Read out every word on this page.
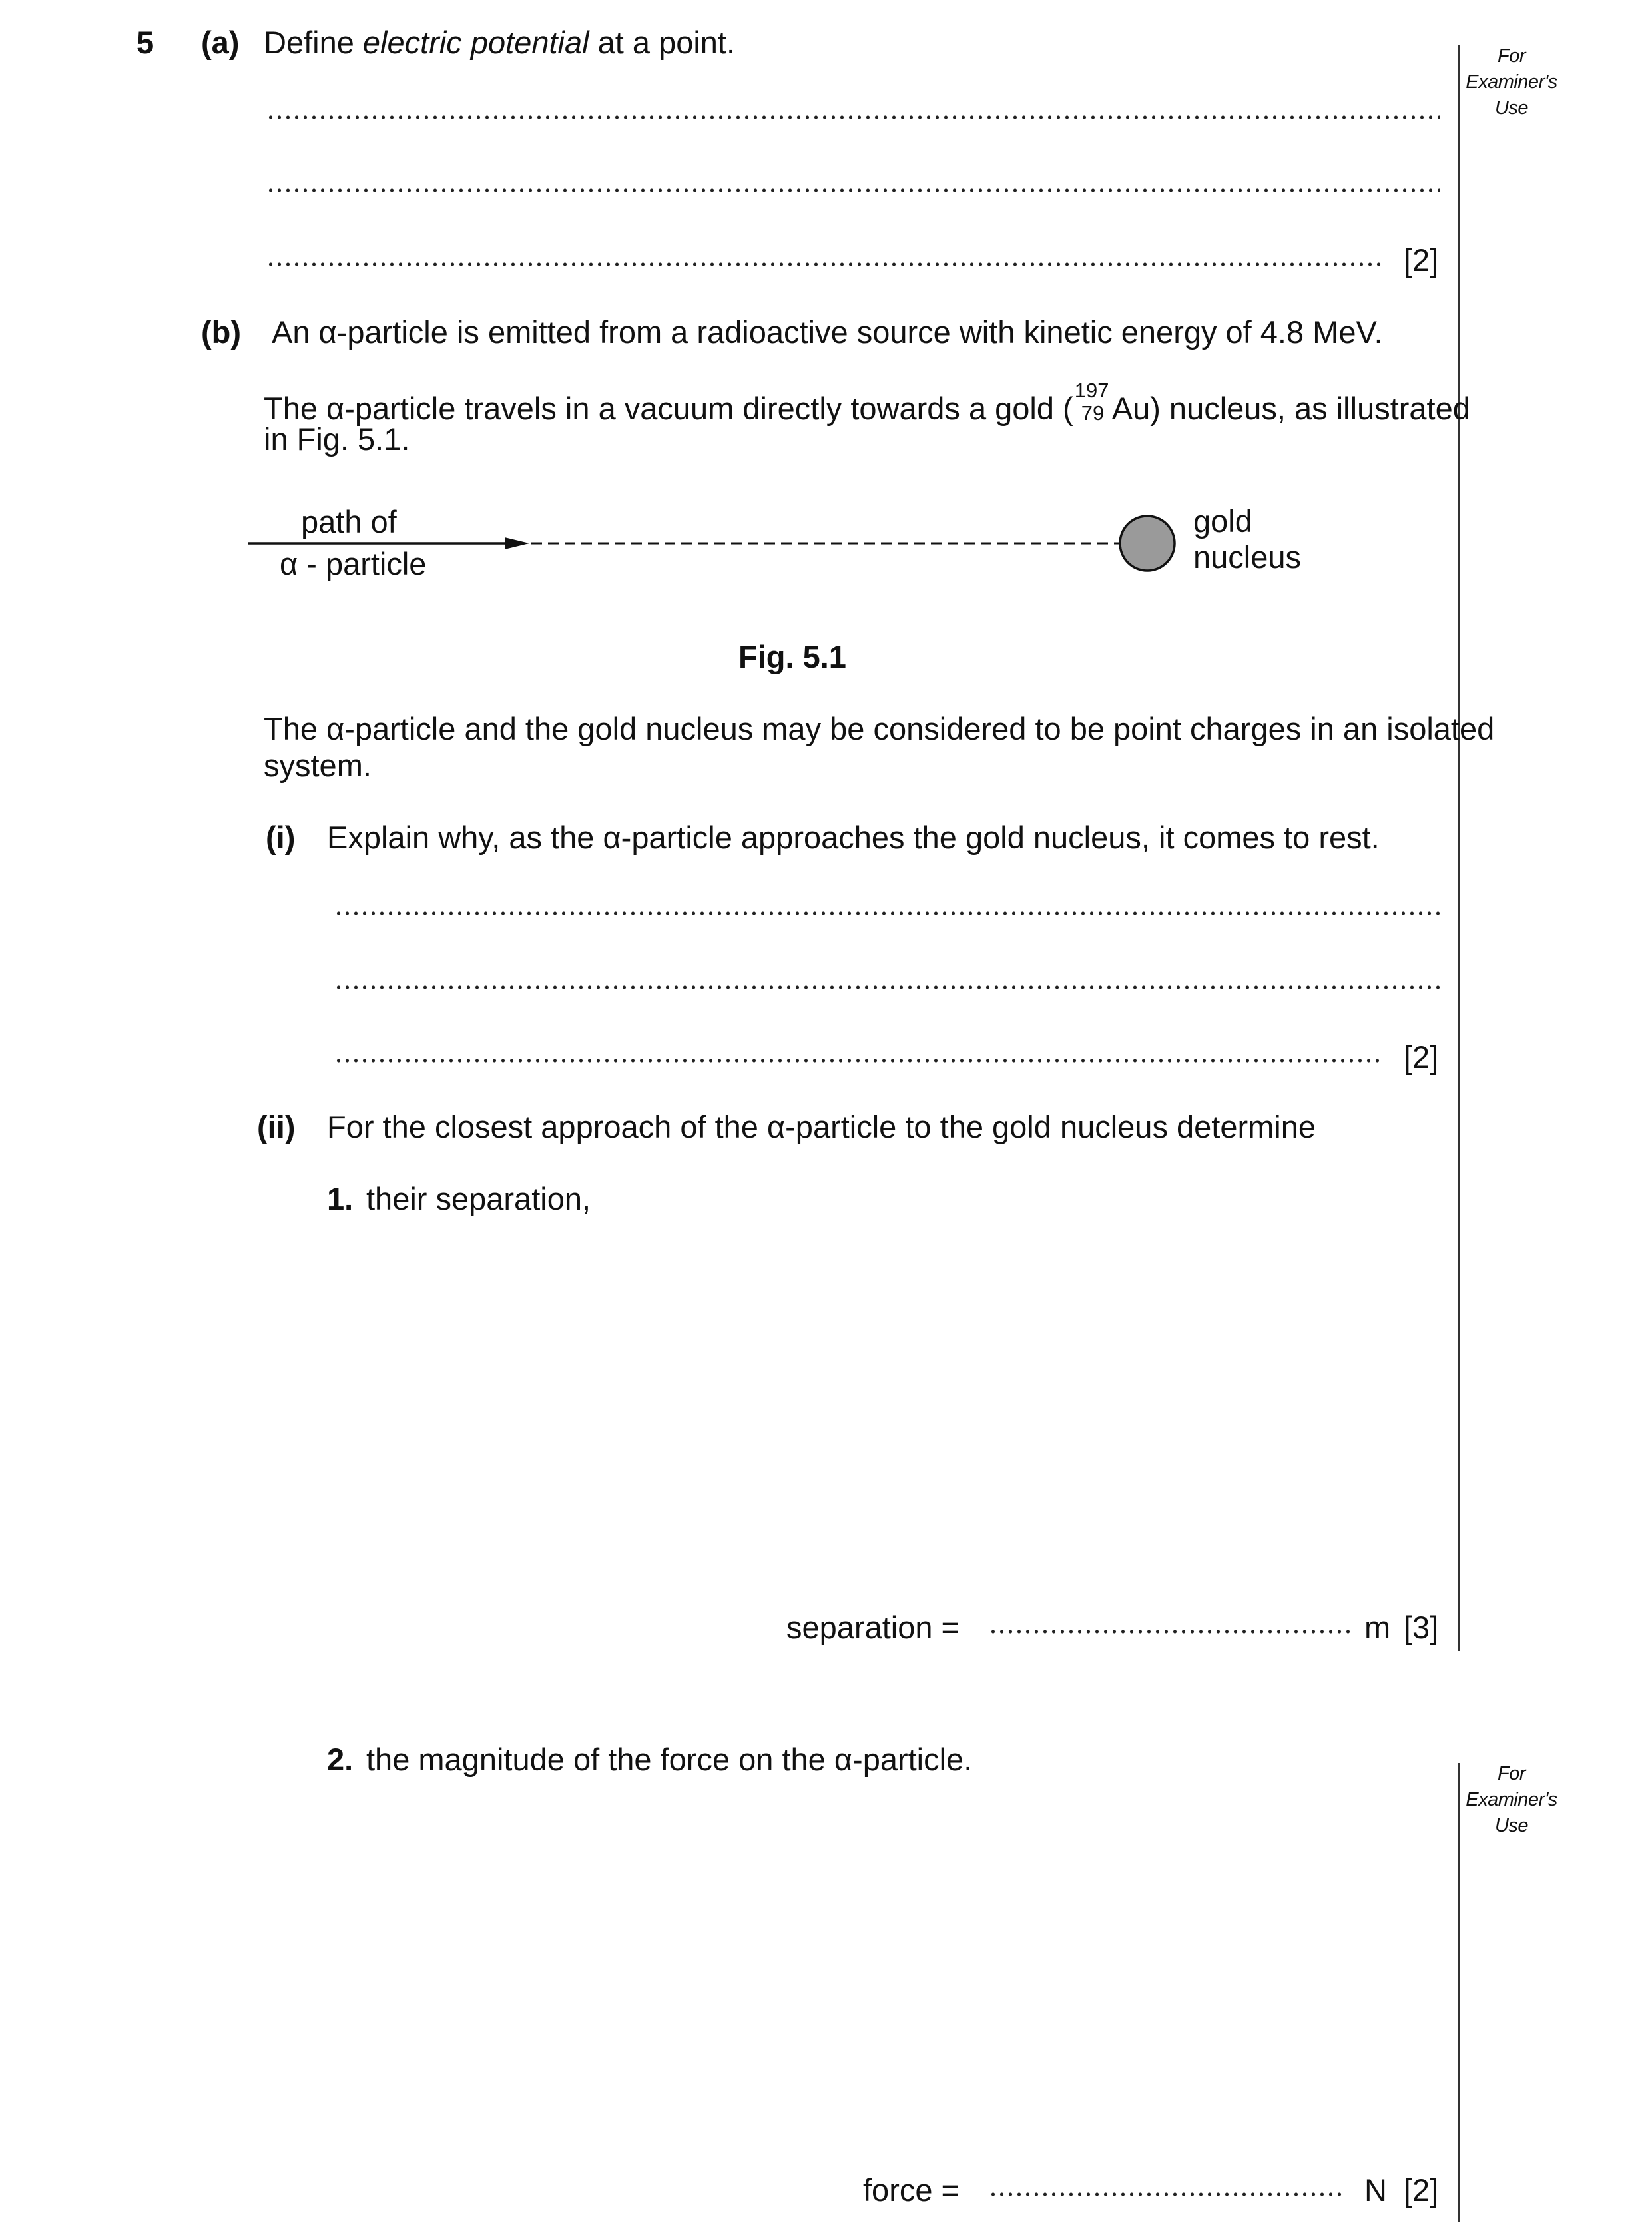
5 (a) Define electric potential at a point.
[2]
For
Examiner's
Use
(b) An α-particle is emitted from a radioactive source with kinetic energy of 4.8 MeV.
The α-particle travels in a vacuum directly towards a gold (
197
79 Au) nucleus, as illustrated
in Fig. 5.1.
path of
α - particle
gold
nucleus
Fig. 5.1
The α-particle and the gold nucleus may be considered to be point charges in an isolated
system.
(i) Explain why, as the α-particle approaches the gold nucleus, it comes to rest.
[2]
(ii) For the closest approach of the α-particle to the gold nucleus determine
1. their separation,
separation =	m [3]
2. the magnitude of the force on the α-particle.	For
Examiner's
Use
force =	N [2]
